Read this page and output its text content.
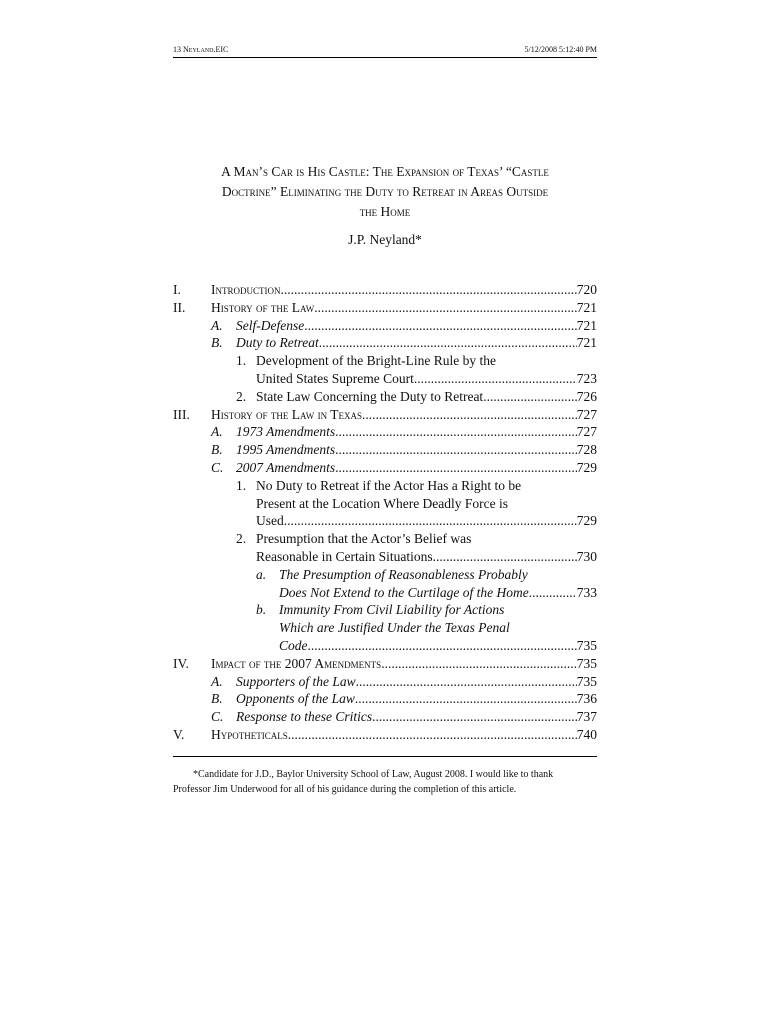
13 Neyland.EIC	5/12/2008 5:12:40 PM
A Man’s Car is His Castle: The Expansion of Texas’ “Castle
Doctrine” Eliminating the Duty to Retreat in Areas Outside
the Home
J.P. Neyland*
I.	Introduction .....	720
II.	History of the Law .....	721
A. Self-Defense .....	721
B. Duty to Retreat .....	721
1. Development of the Bright-Line Rule by the
United States Supreme Court .....	723
2. State Law Concerning the Duty to Retreat .....	726
III.	History of the Law in Texas .....	727
A. 1973 Amendments .....	727
B. 1995 Amendments .....	728
C. 2007 Amendments .....	729
1. No Duty to Retreat if the Actor Has a Right to be
Present at the Location Where Deadly Force is
Used .....	729
2. Presumption that the Actor’s Belief was
Reasonable in Certain Situations .....	730
a. The Presumption of Reasonableness Probably
Does Not Extend to the Curtilage of the Home .....	733
b. Immunity From Civil Liability for Actions
Which are Justified Under the Texas Penal
Code .....	735
IV.	Impact of the 2007 Amendments .....	735
A. Supporters of the Law .....	735
B. Opponents of the Law .....	736
C. Response to these Critics .....	737
V.	Hypotheticals .....	740
*Candidate for J.D., Baylor University School of Law, August 2008. I would like to thank
Professor Jim Underwood for all of his guidance during the completion of this article.
